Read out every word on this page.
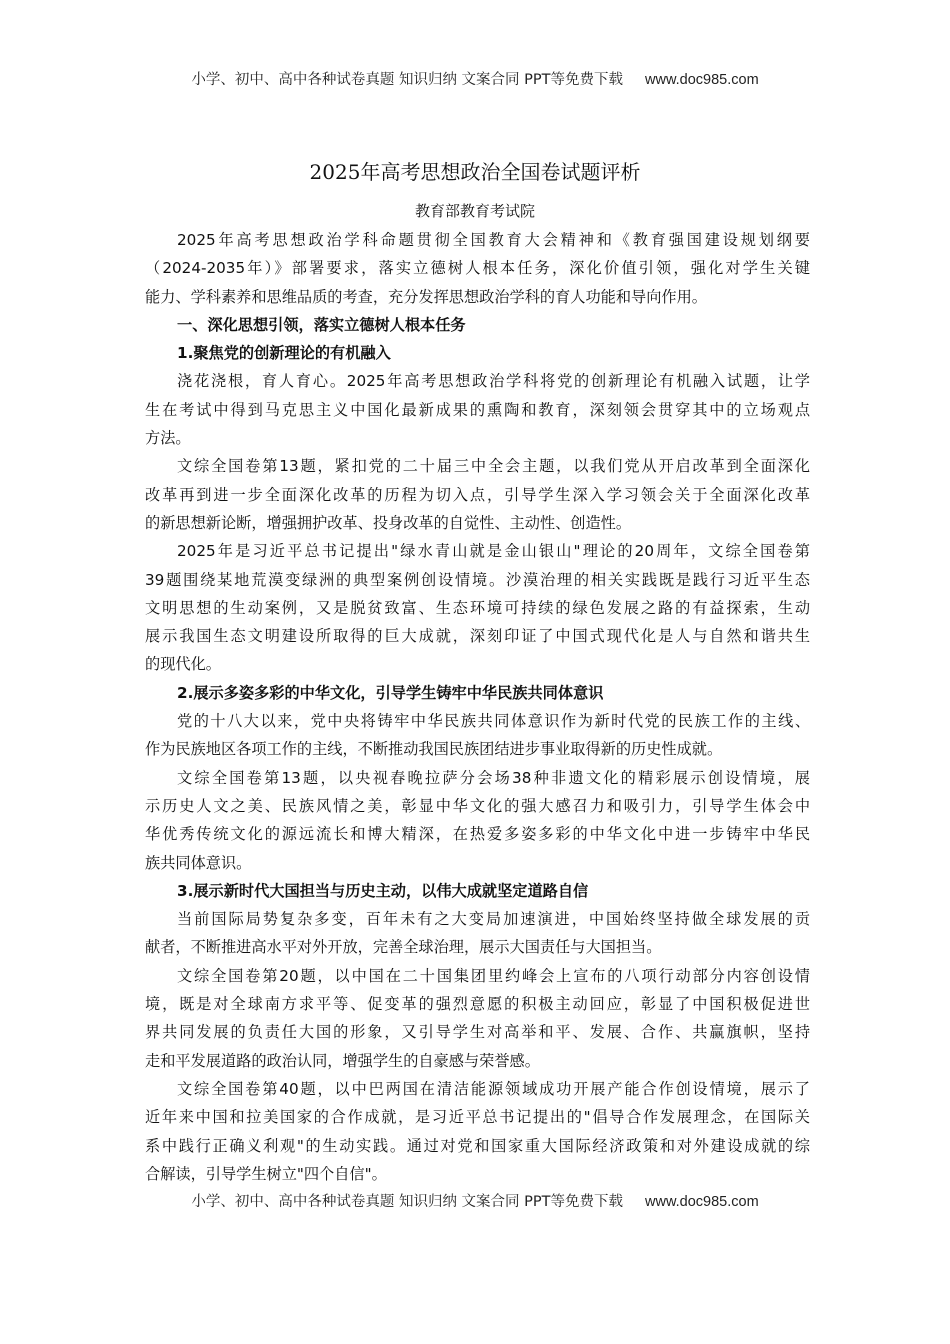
小学、初中、高中各种试卷真题 知识归纳 文案合同 PPT等免费下载 www.doc985.com
2025年高考思想政治全国卷试题评析
教育部教育考试院
2025年高考思想政治学科命题贯彻全国教育大会精神和《教育强国建设规划纲要
（2024-2035年）》部署要求，落实立德树人根本任务，深化价值引领，强化对学生关键
能力、学科素养和思维品质的考查，充分发挥思想政治学科的育人功能和导向作用。
一、深化思想引领，落实立德树人根本任务
1.聚焦党的创新理论的有机融入
浇花浇根，育人育心。2025年高考思想政治学科将党的创新理论有机融入试题，让学
生在考试中得到马克思主义中国化最新成果的熏陶和教育，深刻领会贯穿其中的立场观点
方法。
文综全国卷第13题，紧扣党的二十届三中全会主题，以我们党从开启改革到全面深化
改革再到进一步全面深化改革的历程为切入点，引导学生深入学习领会关于全面深化改革
的新思想新论断，增强拥护改革、投身改革的自觉性、主动性、创造性。
2025年是习近平总书记提出"绿水青山就是金山银山"理论的20周年，文综全国卷第
39题围绕某地荒漠变绿洲的典型案例创设情境。沙漠治理的相关实践既是践行习近平生态
文明思想的生动案例，又是脱贫致富、生态环境可持续的绿色发展之路的有益探索，生动
展示我国生态文明建设所取得的巨大成就，深刻印证了中国式现代化是人与自然和谐共生
的现代化。
2.展示多姿多彩的中华文化，引导学生铸牢中华民族共同体意识
党的十八大以来，党中央将铸牢中华民族共同体意识作为新时代党的民族工作的主线、
作为民族地区各项工作的主线，不断推动我国民族团结进步事业取得新的历史性成就。
文综全国卷第13题，以央视春晚拉萨分会场38种非遗文化的精彩展示创设情境，展
示历史人文之美、民族风情之美，彰显中华文化的强大感召力和吸引力，引导学生体会中
华优秀传统文化的源远流长和博大精深，在热爱多姿多彩的中华文化中进一步铸牢中华民
族共同体意识。
3.展示新时代大国担当与历史主动，以伟大成就坚定道路自信
当前国际局势复杂多变，百年未有之大变局加速演进，中国始终坚持做全球发展的贡
献者，不断推进高水平对外开放，完善全球治理，展示大国责任与大国担当。
文综全国卷第20题，以中国在二十国集团里约峰会上宣布的八项行动部分内容创设情
境，既是对全球南方求平等、促变革的强烈意愿的积极主动回应，彰显了中国积极促进世
界共同发展的负责任大国的形象，又引导学生对高举和平、发展、合作、共赢旗帜，坚持
走和平发展道路的政治认同，增强学生的自豪感与荣誉感。
文综全国卷第40题，以中巴两国在清洁能源领域成功开展产能合作创设情境，展示了
近年来中国和拉美国家的合作成就，是习近平总书记提出的"倡导合作发展理念，在国际关
系中践行正确义利观"的生动实践。通过对党和国家重大国际经济政策和对外建设成就的综
合解读，引导学生树立"四个自信"。
小学、初中、高中各种试卷真题 知识归纳 文案合同 PPT等免费下载 www.doc985.com
